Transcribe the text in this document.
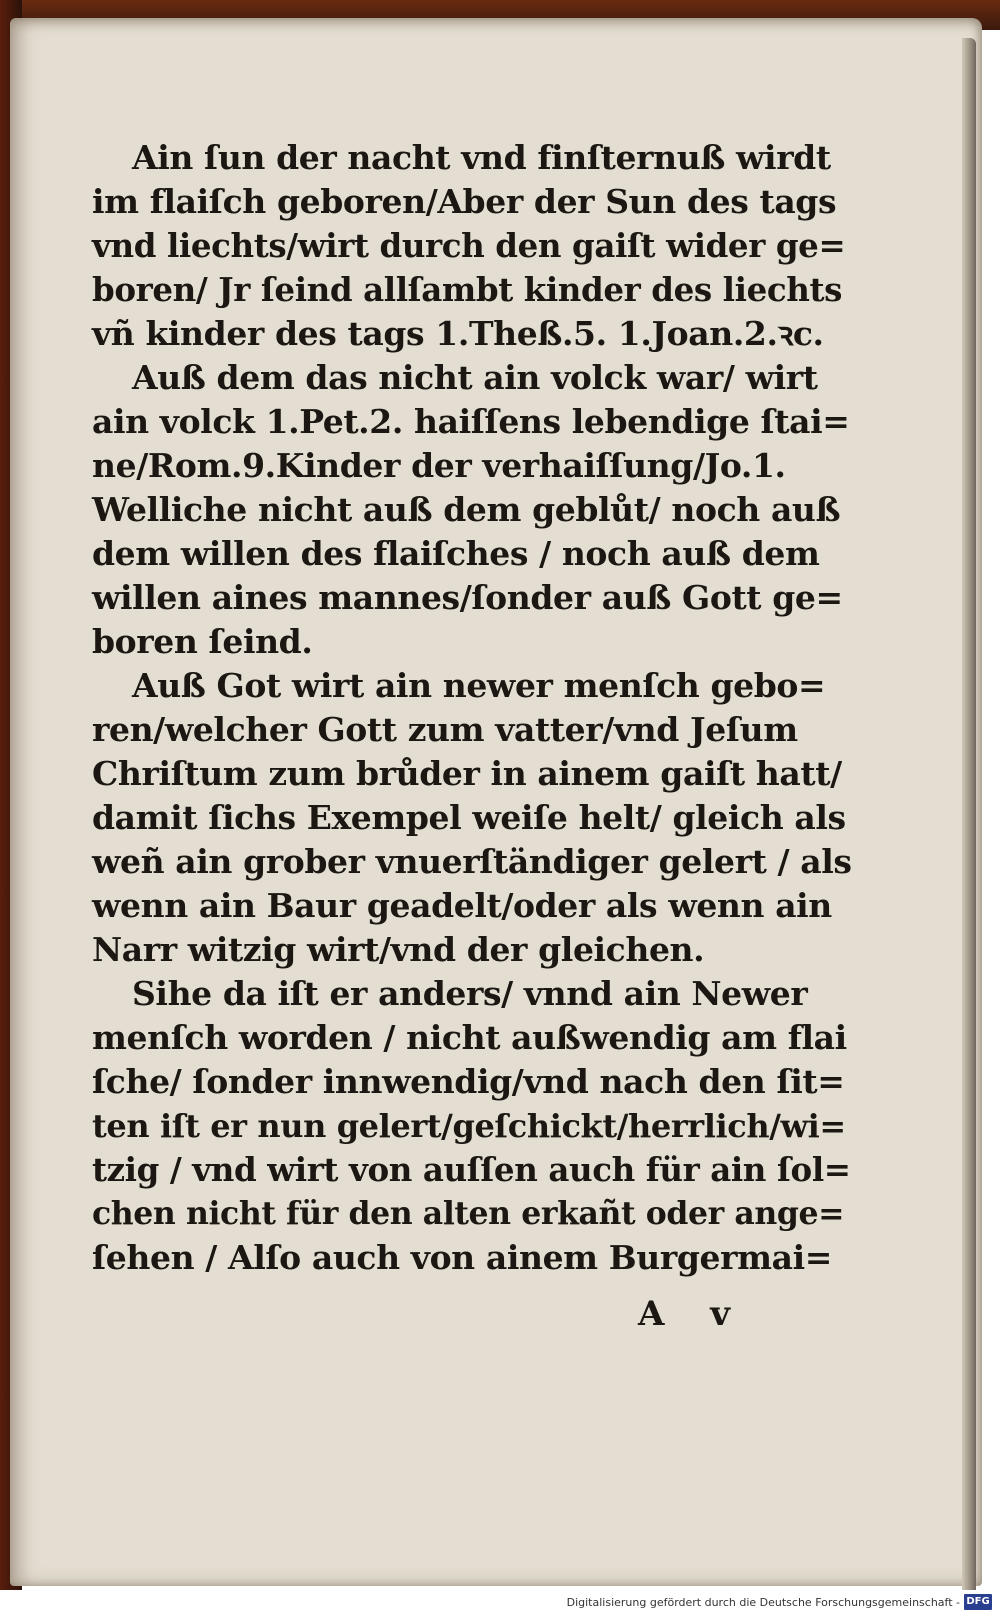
Ain ſun der nacht vnd finſternuß wirdt
im flaiſch geboren/Aber der Sun des tags
vnd liechts/wirt durch den gaiſt wider ge=
boren/ Jr ſeind allſambt kinder des liechts
vñ kinder des tags 1.Theß.5. 1.Joan.2.ꝛc.
Auß dem das nicht ain volck war/ wirt
ain volck 1.Pet.2. haiſſens lebendige ſtai=
ne/Rom.9.Kinder der verhaiſſung/Jo.1.
Welliche nicht auß dem geblůt/ noch auß
dem willen des flaiſches / noch auß dem
willen aines mannes/ſonder auß Gott ge=
boren ſeind.
Auß Got wirt ain newer menſch gebo=
ren/welcher Gott zum vatter/vnd Jeſum
Chriſtum zum brůder in ainem gaiſt hatt/
damit ſichs Exempel weiſe helt/ gleich als
weñ ain grober vnuerſtändiger gelert / als
wenn ain Baur geadelt/oder als wenn ain
Narr witzig wirt/vnd der gleichen.
Sihe da iſt er anders/ vnnd ain Newer
menſch worden / nicht außwendig am flai
ſche/ ſonder innwendig/vnd nach den ſit=
ten iſt er nun gelert/geſchickt/herrlich/wi=
tzig / vnd wirt von auſſen auch für ain ſol=
chen nicht für den alten erkañt oder ange=
ſehen / Alſo auch von ainem Burgermai=
A v
Digitalisierung gefördert durch die Deutsche Forschungsgemeinschaft - DFG
